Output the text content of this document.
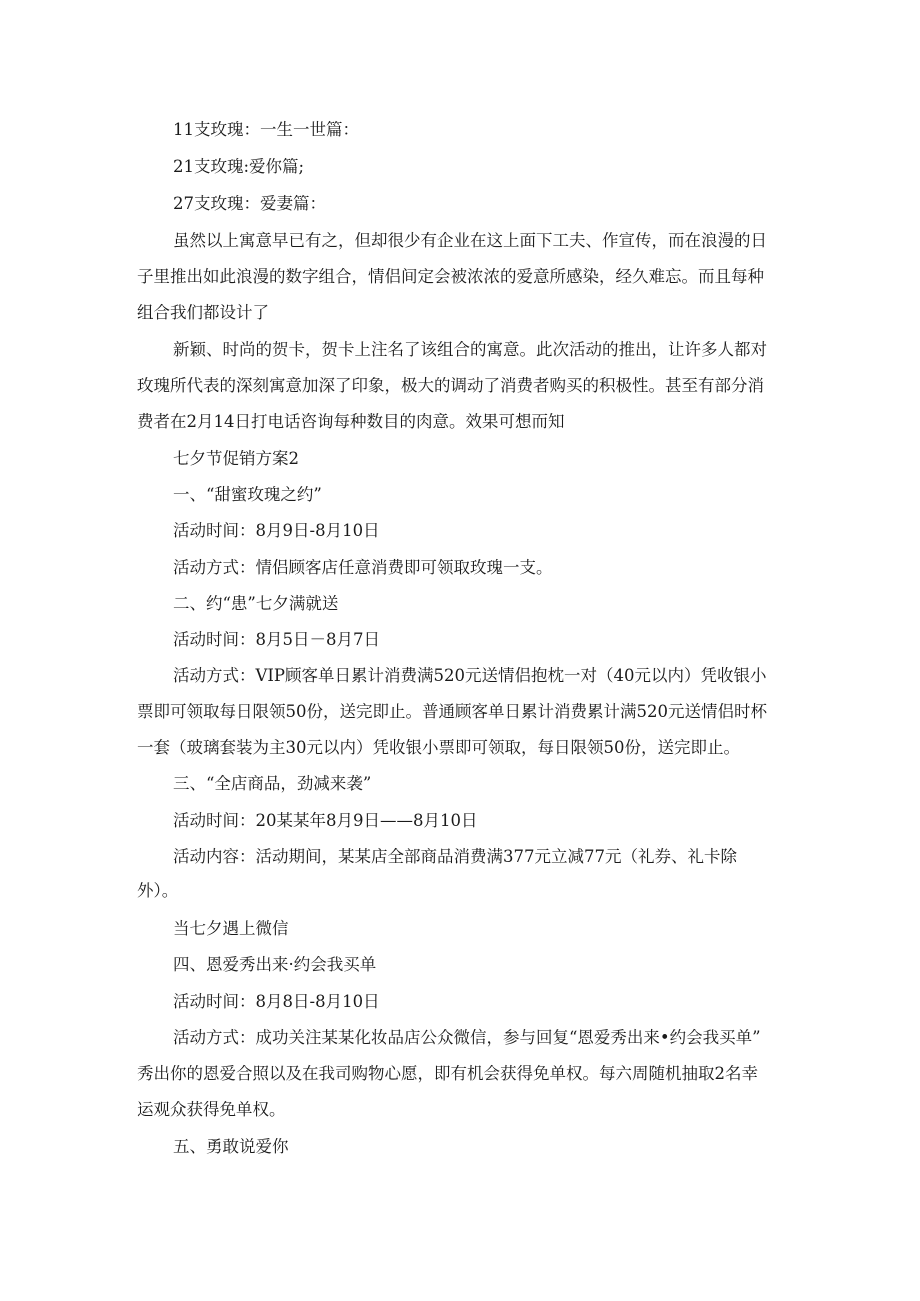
11支玫瑰：一生一世篇：

21支玫瑰:爱你篇;

27支玫瑰：爱妻篇：

虽然以上寓意早已有之，但却很少有企业在这上面下工夫、作宣传，而在浪漫的日

子里推出如此浪漫的数字组合，情侣间定会被浓浓的爱意所感染，经久难忘。而且每种

组合我们都设计了

新颖、时尚的贺卡，贺卡上注名了该组合的寓意。此次活动的推出，让许多人都对

玫瑰所代表的深刻寓意加深了印象，极大的调动了消费者购买的积极性。甚至有部分消

费者在2月14日打电话咨询每种数目的肉意。效果可想而知

七夕节促销方案2

一、“甜蜜玫瑰之约”

活动时间：8月9日-8月10日

活动方式：情侣顾客店任意消费即可领取玫瑰一支。

二、约“患”七夕满就送

活动时间：8月5日－8月7日

活动方式：VIP顾客单日累计消费满520元送情侣抱枕一对（40元以内）凭收银小

票即可领取每日限领50份，送完即止。普通顾客单日累计消费累计满520元送情侣时杯

一套（玻璃套装为主30元以内）凭收银小票即可领取，每日限领50份，送完即止。

三、“全店商品，劲减来袭”

活动时间：20某某年8月9日——8月10日

活动内容：活动期间，某某店全部商品消费满377元立减77元（礼券、礼卡除

外）。

当七夕遇上微信

四、恩爱秀出来·约会我买单

活动时间：8月8日-8月10日

活动方式：成功关注某某化妆品店公众微信，参与回复“恩爱秀出来•约会我买单”

秀出你的恩爱合照以及在我司购物心愿，即有机会获得免单权。每六周随机抽取2名幸

运观众获得免单权。

五、勇敢说爱你
